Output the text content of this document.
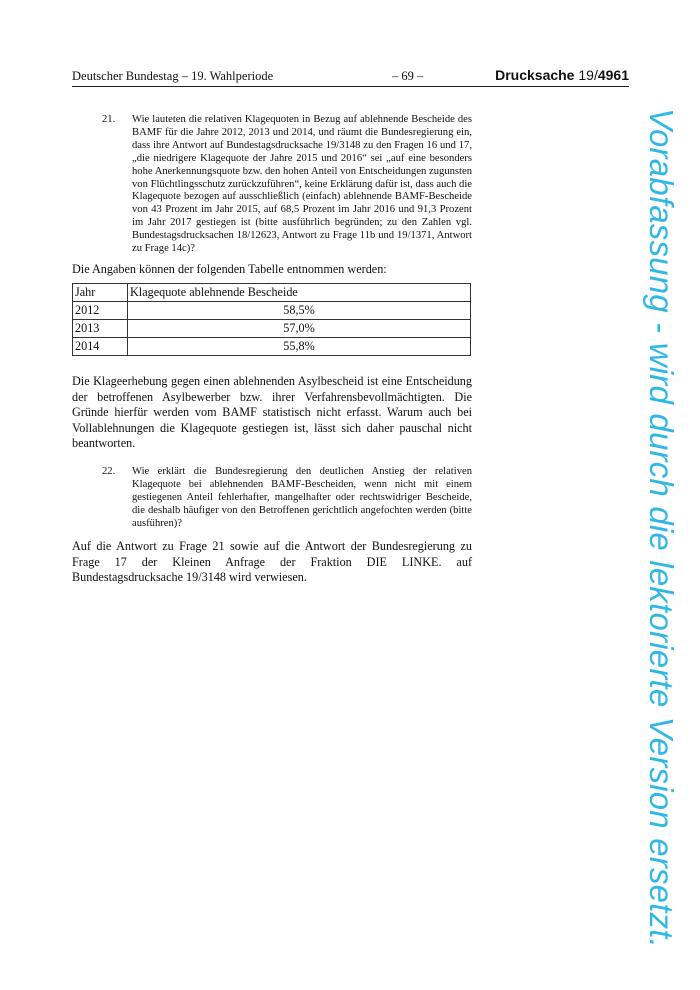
Deutscher Bundestag – 19. Wahlperiode	– 69 –	Drucksache 19/4961
21. Wie lauteten die relativen Klagequoten in Bezug auf ablehnende Bescheide des BAMF für die Jahre 2012, 2013 und 2014, und räumt die Bundesregierung ein, dass ihre Antwort auf Bundestagsdrucksache 19/3148 zu den Fragen 16 und 17, „die niedrigere Klagequote der Jahre 2015 und 2016“ sei „auf eine besonders hohe Anerkennungsquote bzw. den hohen Anteil von Entscheidungen zugunsten von Flüchtlingsschutz zurückzuführen“, keine Erklärung dafür ist, dass auch die Klagequote bezogen auf ausschließlich (einfach) ablehnende BAMF-Bescheide von 43 Prozent im Jahr 2015, auf 68,5 Prozent im Jahr 2016 und 91,3 Prozent im Jahr 2017 gestiegen ist (bitte ausführlich begründen; zu den Zahlen vgl. Bundestagsdrucksachen 18/12623, Antwort zu Frage 11b und 19/1371, Antwort zu Frage 14c)?
Die Angaben können der folgenden Tabelle entnommen werden:
Jahr	Klagequote ablehnende Bescheide
2012	58,5%
2013	57,0%
2014	55,8%
Die Klageerhebung gegen einen ablehnenden Asylbescheid ist eine Entscheidung der betroffenen Asylbewerber bzw. ihrer Verfahrensbevollmächtigten. Die Gründe hierfür werden vom BAMF statistisch nicht erfasst. Warum auch bei Vollablehnungen die Klagequote gestiegen ist, lässt sich daher pauschal nicht beantworten.
22. Wie erklärt die Bundesregierung den deutlichen Anstieg der relativen Klagequote bei ablehnenden BAMF-Bescheiden, wenn nicht mit einem gestiegenen Anteil fehlerhafter, mangelhafter oder rechtswidriger Bescheide, die deshalb häufiger von den Betroffenen gerichtlich angefochten werden (bitte ausführen)?
Auf die Antwort zu Frage 21 sowie auf die Antwort der Bundesregierung zu Frage 17 der Kleinen Anfrage der Fraktion DIE LINKE. auf Bundestagsdrucksache 19/3148 wird verwiesen.	Vorabfassung - wird durch die lektorierte Version ersetzt.
